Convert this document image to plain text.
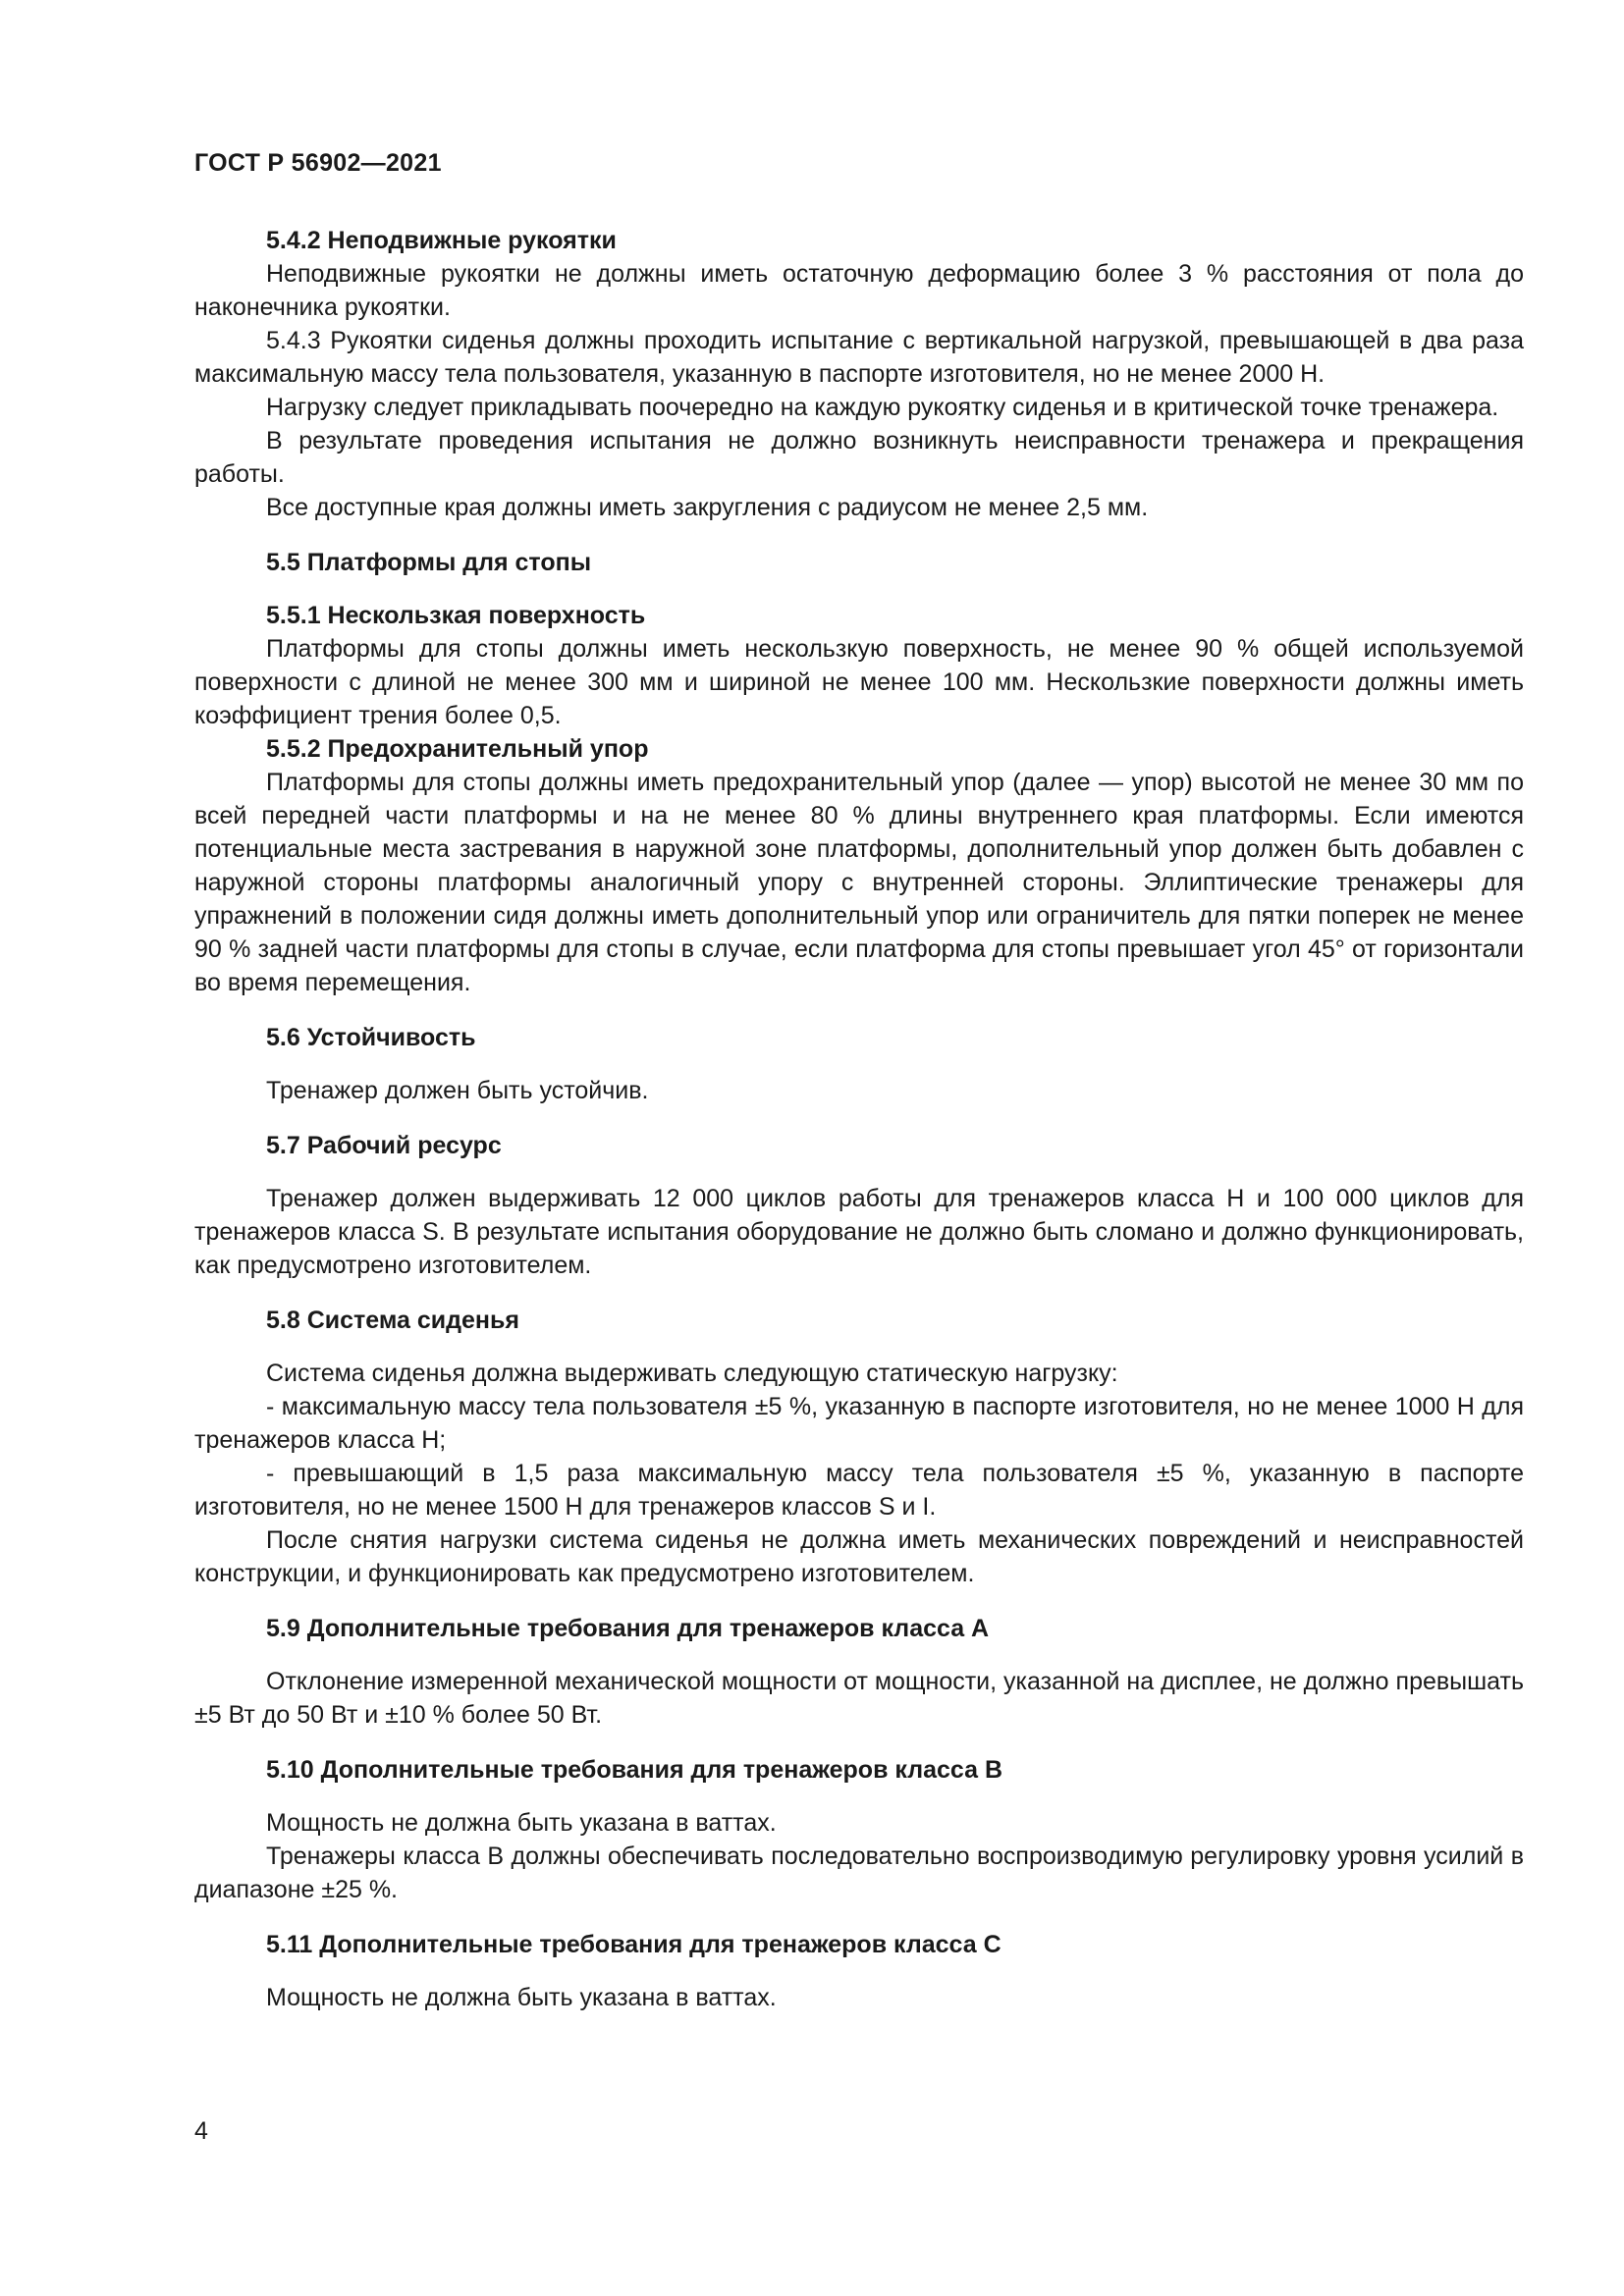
ГОСТ Р 56902—2021

5.4.2 Неподвижные рукоятки

Неподвижные рукоятки не должны иметь остаточную деформацию более 3 % расстояния от пола до наконечника рукоятки.

5.4.3 Рукоятки сиденья должны проходить испытание с вертикальной нагрузкой, превышающей в два раза максимальную массу тела пользователя, указанную в паспорте изготовителя, но не менее 2000 Н.

Нагрузку следует прикладывать поочередно на каждую рукоятку сиденья и в критической точке тренажера.

В результате проведения испытания не должно возникнуть неисправности тренажера и прекращения работы.

Все доступные края должны иметь закругления с радиусом не менее 2,5 мм.

5.5 Платформы для стопы

5.5.1 Нескользкая поверхность

Платформы для стопы должны иметь нескользкую поверхность, не менее 90 % общей используемой поверхности с длиной не менее 300 мм и шириной не менее 100 мм. Нескользкие поверхности должны иметь коэффициент трения более 0,5.

5.5.2 Предохранительный упор

Платформы для стопы должны иметь предохранительный упор (далее — упор) высотой не менее 30 мм по всей передней части платформы и на не менее 80 % длины внутреннего края платформы. Если имеются потенциальные места застревания в наружной зоне платформы, дополнительный упор должен быть добавлен с наружной стороны платформы аналогичный упору с внутренней стороны. Эллиптические тренажеры для упражнений в положении сидя должны иметь дополнительный упор или ограничитель для пятки поперек не менее 90 % задней части платформы для стопы в случае, если платформа для стопы превышает угол 45° от горизонтали во время перемещения.

5.6 Устойчивость

Тренажер должен быть устойчив.

5.7 Рабочий ресурс

Тренажер должен выдерживать 12 000 циклов работы для тренажеров класса Н и 100 000 циклов для тренажеров класса S. В результате испытания оборудование не должно быть сломано и должно функционировать, как предусмотрено изготовителем.

5.8 Система сиденья

Система сиденья должна выдерживать следующую статическую нагрузку:

- максимальную массу тела пользователя ±5 %, указанную в паспорте изготовителя, но не менее 1000 Н для тренажеров класса Н;

- превышающий в 1,5 раза максимальную массу тела пользователя ±5 %, указанную в паспорте изготовителя, но не менее 1500 Н для тренажеров классов S и I.

После снятия нагрузки система сиденья не должна иметь механических повреждений и неисправностей конструкции, и функционировать как предусмотрено изготовителем.

5.9 Дополнительные требования для тренажеров класса А

Отклонение измеренной механической мощности от мощности, указанной на дисплее, не должно превышать ±5 Вт до 50 Вт и ±10 % более 50 Вт.

5.10 Дополнительные требования для тренажеров класса В

Мощность не должна быть указана в ваттах.

Тренажеры класса В должны обеспечивать последовательно воспроизводимую регулировку уровня усилий в диапазоне ±25 %.

5.11 Дополнительные требования для тренажеров класса С

Мощность не должна быть указана в ваттах.

4
